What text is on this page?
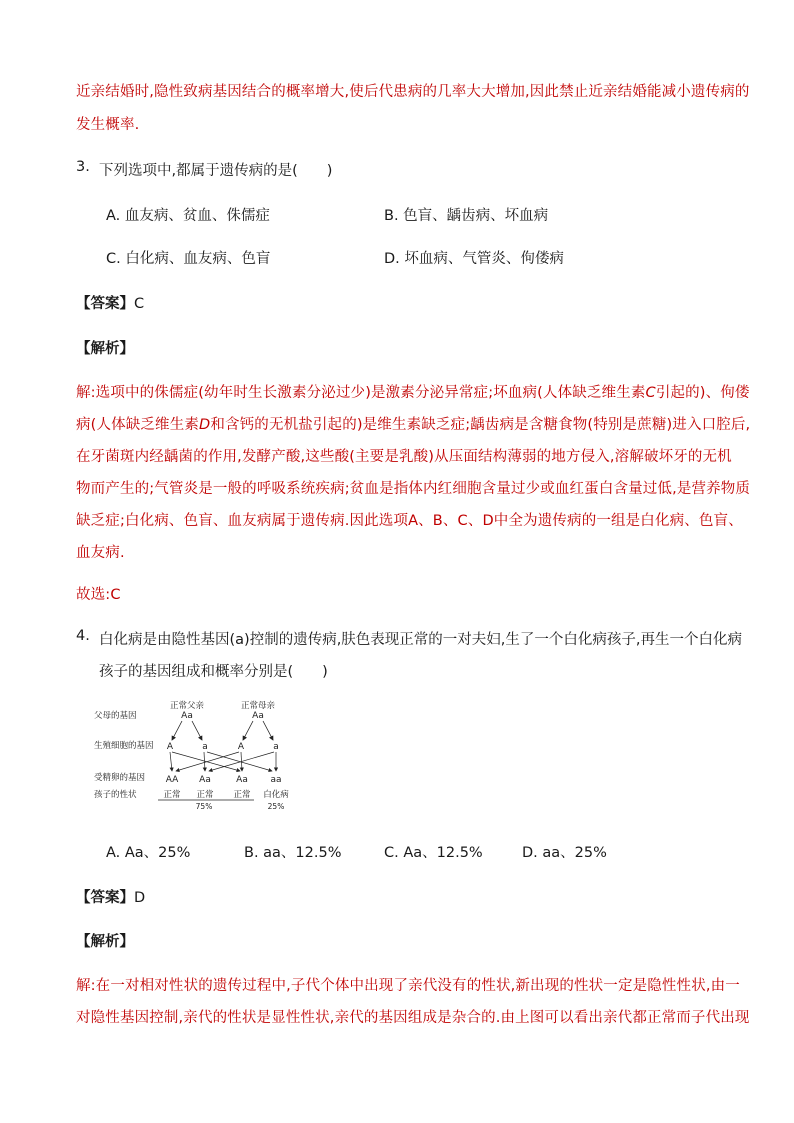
近亲结婚时,隐性致病基因结合的概率增大,使后代患病的几率大大增加,因此禁止近亲结婚能减小遗传病的
发生概率.
3. 下列选项中,都属于遗传病的是(　　)
A. 血友病、贫血、侏儒症	B. 色盲、龋齿病、坏血病
C. 白化病、血友病、色盲	D. 坏血病、气管炎、佝偻病
【答案】C
【解析】
解:选项中的侏儒症(幼年时生长激素分泌过少)是激素分泌异常症;坏血病(人体缺乏维生素C引起的)、佝偻
病(人体缺乏维生素D和含钙的无机盐引起的)是维生素缺乏症;龋齿病是含糖食物(特别是蔗糖)进入口腔后,
在牙菌斑内经龋菌的作用,发酵产酸,这些酸(主要是乳酸)从压面结构薄弱的地方侵入,溶解破坏牙的无机
物而产生的;气管炎是一般的呼吸系统疾病;贫血是指体内红细胞含量过少或血红蛋白含量过低,是营养物质
缺乏症;白化病、色盲、血友病属于遗传病.因此选项A、B、C、D中全为遗传病的一组是白化病、色盲、
血友病.
故选:C
4. 白化病是由隐性基因(a)控制的遗传病,肤色表现正常的一对夫妇,生了一个白化病孩子,再生一个白化病
孩子的基因组成和概率分别是(　　)
父母的基因
生殖细胞的基因
受精卵的基因
孩子的性状
正常父亲
Aa
正常母亲
Aa
A	a	A	a
AA Aa	Aa	aa
正常 正常 正常 白化病
75%	25%
A. Aa、25%	B. aa、12.5%	C. Aa、12.5%	D. aa、25%
【答案】D
【解析】
解:在一对相对性状的遗传过程中,子代个体中出现了亲代没有的性状,新出现的性状一定是隐性性状,由一
对隐性基因控制,亲代的性状是显性性状,亲代的基因组成是杂合的.由上图可以看出亲代都正常而子代出现
